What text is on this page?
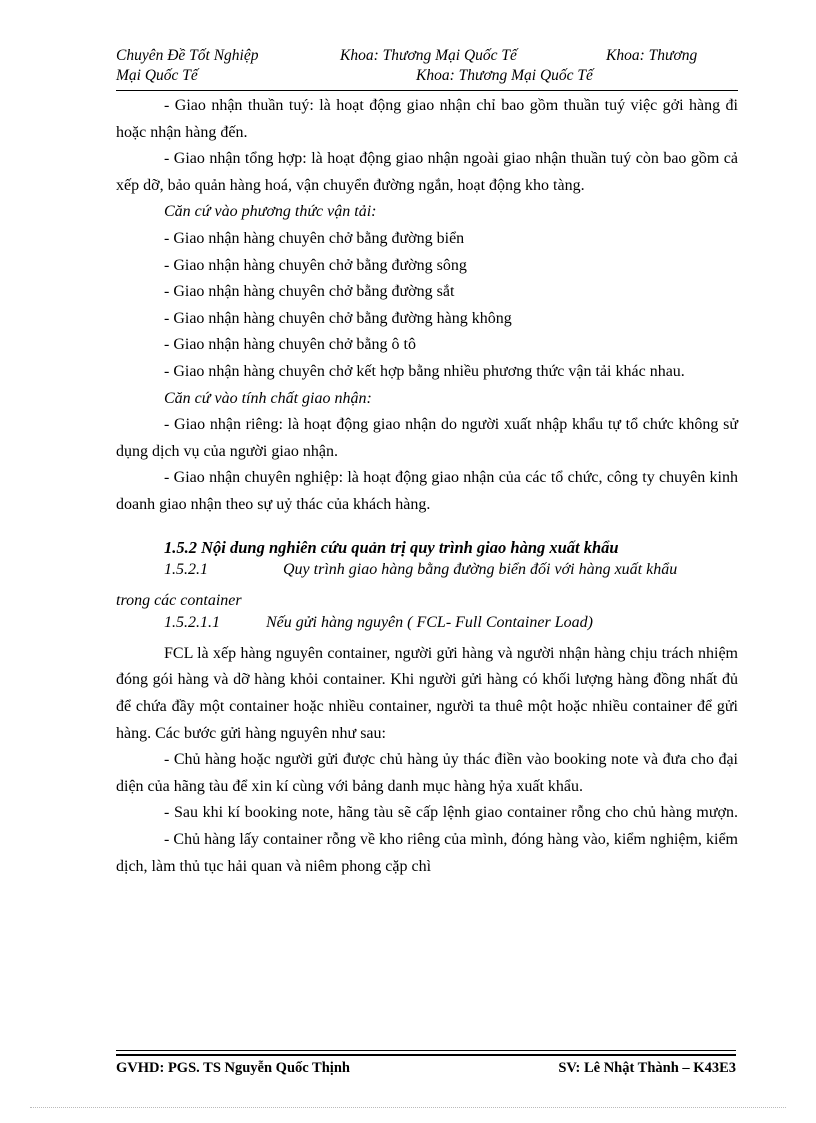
Chuyên Đề Tốt Nghiệp	Khoa: Thương Mại Quốc Tế	Khoa: Thương
Mại Quốc Tế	Khoa: Thương Mại Quốc Tế

- Giao nhận thuần tuý: là hoạt động giao nhận chỉ bao gồm thuần tuý việc gởi hàng đi hoặc nhận hàng đến.

- Giao nhận tổng hợp: là hoạt động giao nhận ngoài giao nhận thuần tuý còn bao gồm cả xếp dỡ, bảo quản hàng hoá, vận chuyển đường ngắn, hoạt động kho tàng.

Căn cứ vào phương thức vận tải:

- Giao nhận hàng chuyên chở bằng đường biển

- Giao nhận hàng chuyên chở bằng đường sông

- Giao nhận hàng chuyên chở bằng đường sắt

- Giao nhận hàng chuyên chở bằng đường hàng không

- Giao nhận hàng chuyên chở bằng ô tô

- Giao nhận hàng chuyên chở kết hợp bằng nhiều phương thức vận tải khác nhau.

Căn cứ vào tính chất giao nhận:

- Giao nhận riêng: là hoạt động giao nhận do người xuất nhập khẩu tự tổ chức không sử dụng dịch vụ của người giao nhận.

- Giao nhận chuyên nghiệp: là hoạt động giao nhận của các tổ chức, công ty chuyên kinh doanh giao nhận theo sự uỷ thác của khách hàng.

1.5.2 Nội dung nghiên cứu quản trị quy trình giao hàng xuất khẩu

1.5.2.1	Quy trình giao hàng bằng đường biển đối với hàng xuất khẩu

trong các container

1.5.2.1.1	Nếu gửi hàng nguyên ( FCL- Full Container Load)

FCL là xếp hàng nguyên container, người gửi hàng và người nhận hàng chịu trách nhiệm đóng gói hàng và dỡ hàng khỏi container. Khi người gửi hàng có khối lượng hàng đồng nhất đủ để chứa đầy một container hoặc nhiều container, người ta thuê một hoặc nhiều container để gửi hàng. Các bước gửi hàng nguyên như sau:

- Chủ hàng hoặc người gửi được chủ hàng ủy thác điền vào booking note và đưa cho đại diện của hãng tàu để xin kí cùng với bảng danh mục hàng hỷa xuất khẩu.

- Sau khi kí booking note, hãng tàu sẽ cấp lệnh giao container rỗng cho chủ hàng mượn.

- Chủ hàng lấy container rỗng về kho riêng của mình, đóng hàng vào, kiểm nghiệm, kiểm dịch, làm thủ tục hải quan và niêm phong cặp chì

GVHD: PGS. TS Nguyễn Quốc Thịnh	SV: Lê Nhật Thành – K43E3
